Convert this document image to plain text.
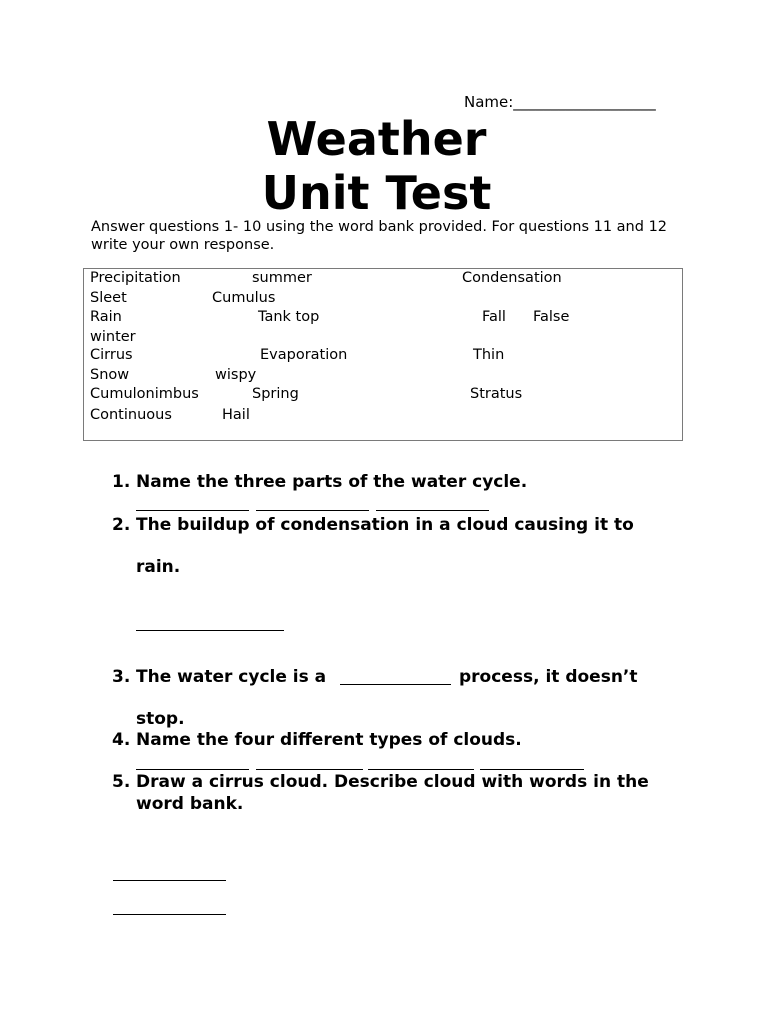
Name:___________________
Weather
Unit Test
Answer questions 1- 10 using the word bank provided. For questions 11 and 12 write your own response.
Precipitation	summer	Condensation
Sleet	Cumulus
Rain	Tank top	Fall False
winter
Cirrus	Evaporation	Thin
Snow	wispy
Cumulonimbus	Spring	Stratus
Continuous	Hail
1. Name the three parts of the water cycle.
2. The buildup of condensation in a cloud causing it to
rain.
3. The water cycle is a	process, it doesn’t
stop.
4. Name the four different types of clouds.
5. Draw a cirrus cloud. Describe cloud with words in the
word bank.
